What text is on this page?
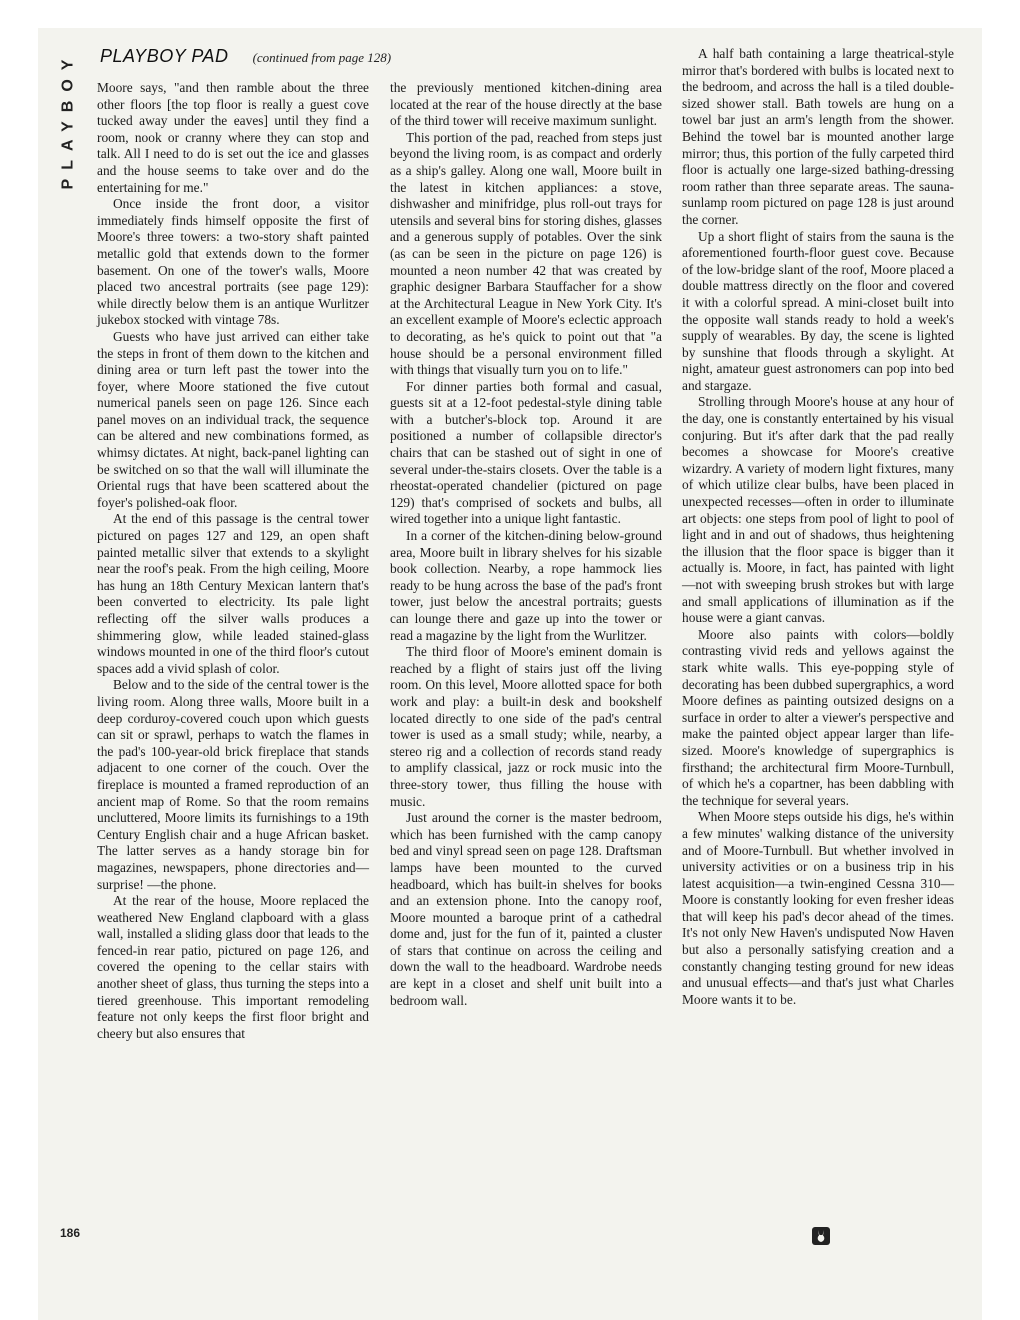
PLAYBOY PLAYBOY PAD (continued from page 128)

Moore says, "and then ramble about the three other floors [the top floor is really a guest cove tucked away under the eaves] until they find a room, nook or cranny where they can stop and talk. All I need to do is set out the ice and glasses and the house seems to take over and do the entertaining for me."

Once inside the front door, a visitor immediately finds himself opposite the first of Moore's three towers: a two-story shaft painted metallic gold that extends down to the former basement. On one of the tower's walls, Moore placed two ancestral portraits (see page 129): while directly below them is an antique Wurlitzer jukebox stocked with vintage 78s.

Guests who have just arrived can either take the steps in front of them down to the kitchen and dining area or turn left past the tower into the foyer, where Moore stationed the five cutout numerical panels seen on page 126. Since each panel moves on an individual track, the sequence can be altered and new combinations formed, as whimsy dictates. At night, back-panel lighting can be switched on so that the wall will illuminate the Oriental rugs that have been scattered about the foyer's polished-oak floor.

At the end of this passage is the central tower pictured on pages 127 and 129, an open shaft painted metallic silver that extends to a skylight near the roof's peak. From the high ceiling, Moore has hung an 18th Century Mexican lantern that's been converted to electricity. Its pale light reflecting off the silver walls produces a shimmering glow, while leaded stained-glass windows mounted in one of the third floor's cutout spaces add a vivid splash of color.

Below and to the side of the central tower is the living room. Along three walls, Moore built in a deep corduroy-covered couch upon which guests can sit or sprawl, perhaps to watch the flames in the pad's 100-year-old brick fireplace that stands adjacent to one corner of the couch. Over the fireplace is mounted a framed reproduction of an ancient map of Rome. So that the room remains uncluttered, Moore limits its furnishings to a 19th Century English chair and a huge African basket. The latter serves as a handy storage bin for magazines, newspapers, phone directories and—surprise! —the phone.

At the rear of the house, Moore replaced the weathered New England clapboard with a glass wall, installed a sliding glass door that leads to the fenced-in rear patio, pictured on page 126, and covered the opening to the cellar stairs with another sheet of glass, thus turning the steps into a tiered greenhouse. This important remodeling feature not only keeps the first floor bright and cheery but also ensures that

the previously mentioned kitchen-dining area located at the rear of the house directly at the base of the third tower will receive maximum sunlight.

This portion of the pad, reached from steps just beyond the living room, is as compact and orderly as a ship's galley. Along one wall, Moore built in the latest in kitchen appliances: a stove, dishwasher and minifridge, plus roll-out trays for utensils and several bins for storing dishes, glasses and a generous supply of potables. Over the sink (as can be seen in the picture on page 126) is mounted a neon number 42 that was created by graphic designer Barbara Stauffacher for a show at the Architectural League in New York City. It's an excellent example of Moore's eclectic approach to decorating, as he's quick to point out that "a house should be a personal environment filled with things that visually turn you on to life."

For dinner parties both formal and casual, guests sit at a 12-foot pedestal-style dining table with a butcher's-block top. Around it are positioned a number of collapsible director's chairs that can be stashed out of sight in one of several under-the-stairs closets. Over the table is a rheostat-operated chandelier (pictured on page 129) that's comprised of sockets and bulbs, all wired together into a unique light fantastic.

In a corner of the kitchen-dining below-ground area, Moore built in library shelves for his sizable book collection. Nearby, a rope hammock lies ready to be hung across the base of the pad's front tower, just below the ancestral portraits; guests can lounge there and gaze up into the tower or read a magazine by the light from the Wurlitzer.

The third floor of Moore's eminent domain is reached by a flight of stairs just off the living room. On this level, Moore allotted space for both work and play: a built-in desk and bookshelf located directly to one side of the pad's central tower is used as a small study; while, nearby, a stereo rig and a collection of records stand ready to amplify classical, jazz or rock music into the three-story tower, thus filling the house with music.

Just around the corner is the master bedroom, which has been furnished with the camp canopy bed and vinyl spread seen on page 128. Draftsman lamps have been mounted to the curved headboard, which has built-in shelves for books and an extension phone. Into the canopy roof, Moore mounted a baroque print of a cathedral dome and, just for the fun of it, painted a cluster of stars that continue on across the ceiling and down the wall to the headboard. Wardrobe needs are kept in a closet and shelf unit built into a bedroom wall.

A half bath containing a large theatrical-style mirror that's bordered with bulbs is located next to the bedroom, and across the hall is a tiled double-sized shower stall. Bath towels are hung on a towel bar just an arm's length from the shower. Behind the towel bar is mounted another large mirror; thus, this portion of the fully carpeted third floor is actually one large-sized bathing-dressing room rather than three separate areas. The sauna-sunlamp room pictured on page 128 is just around the corner.

Up a short flight of stairs from the sauna is the aforementioned fourth-floor guest cove. Because of the low-bridge slant of the roof, Moore placed a double mattress directly on the floor and covered it with a colorful spread. A mini-closet built into the opposite wall stands ready to hold a week's supply of wearables. By day, the scene is lighted by sunshine that floods through a skylight. At night, amateur guest astronomers can pop into bed and stargaze.

Strolling through Moore's house at any hour of the day, one is constantly entertained by his visual conjuring. But it's after dark that the pad really becomes a showcase for Moore's creative wizardry. A variety of modern light fixtures, many of which utilize clear bulbs, have been placed in unexpected recesses—often in order to illuminate art objects: one steps from pool of light to pool of light and in and out of shadows, thus heightening the illusion that the floor space is bigger than it actually is. Moore, in fact, has painted with light—not with sweeping brush strokes but with large and small applications of illumination as if the house were a giant canvas.

Moore also paints with colors—boldly contrasting vivid reds and yellows against the stark white walls. This eye-popping style of decorating has been dubbed supergraphics, a word Moore defines as painting outsized designs on a surface in order to alter a viewer's perspective and make the painted object appear larger than life-sized. Moore's knowledge of supergraphics is firsthand; the architectural firm Moore-Turnbull, of which he's a copartner, has been dabbling with the technique for several years.

When Moore steps outside his digs, he's within a few minutes' walking distance of the university and of Moore-Turnbull. But whether involved in university activities or on a business trip in his latest acquisition—a twin-engined Cessna 310—Moore is constantly looking for even fresher ideas that will keep his pad's decor ahead of the times. It's not only New Haven's undisputed Now Haven but also a personally satisfying creation and a constantly changing testing ground for new ideas and unusual effects—and that's just what Charles Moore wants it to be.

186
